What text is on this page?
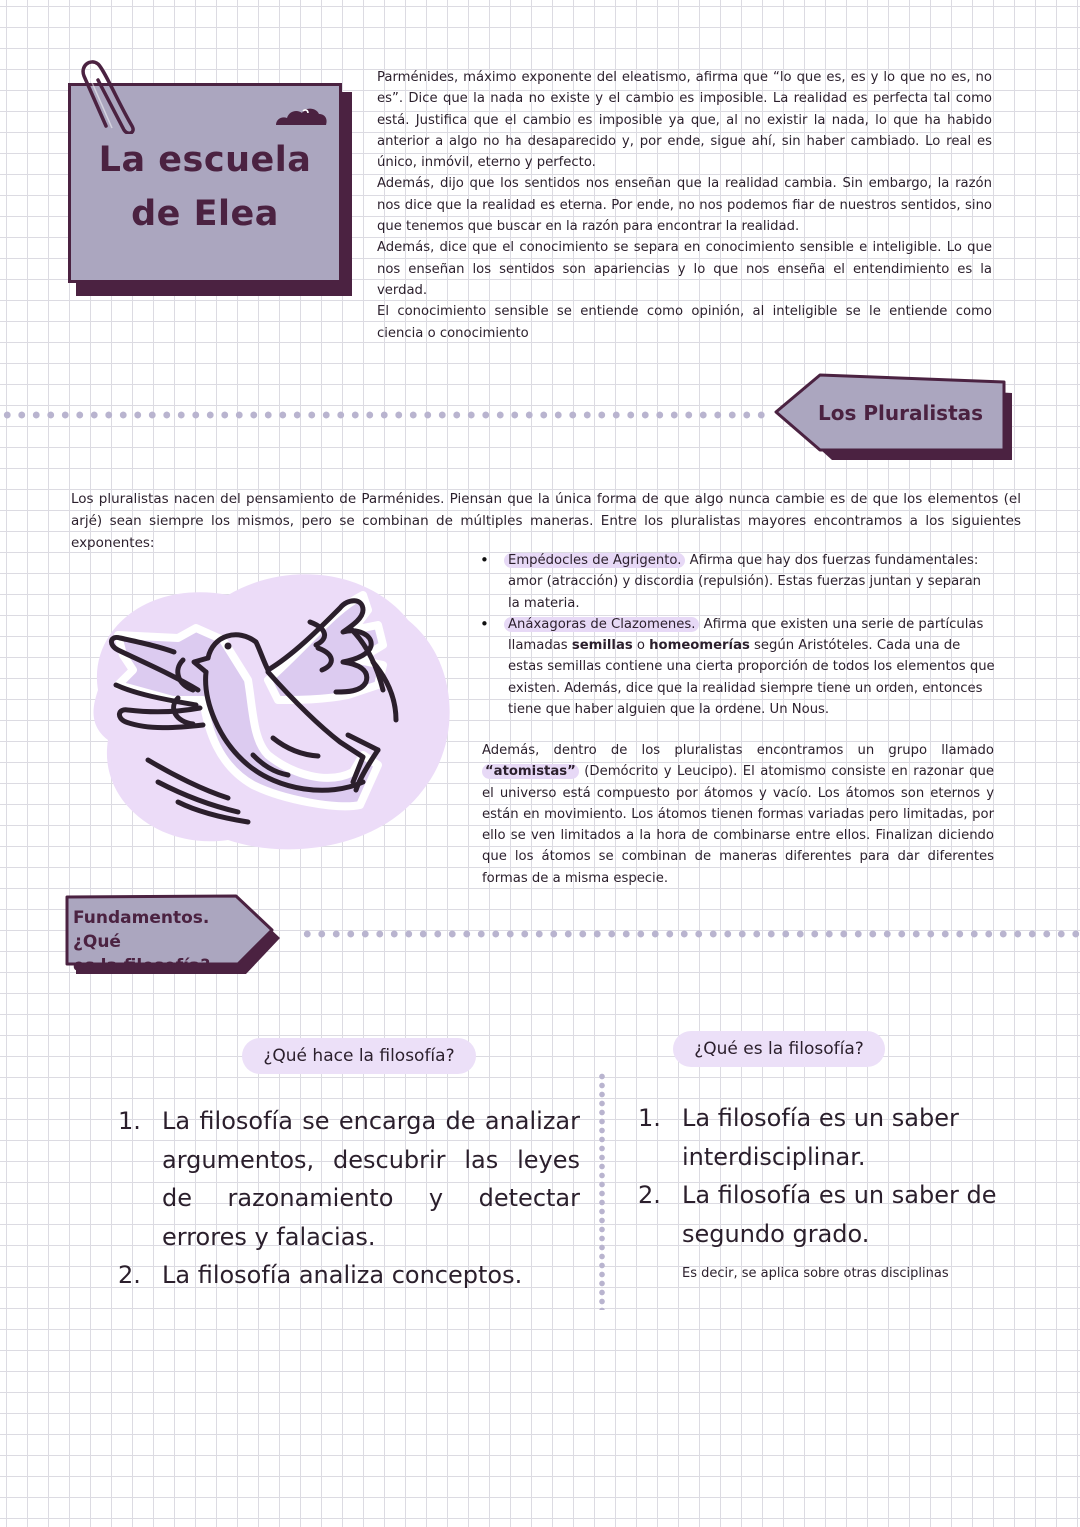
La escuela de Elea

Parménides, máximo exponente del eleatismo, afirma que “lo que es, es y lo que no es, no es”. Dice que la nada no existe y el cambio es imposible. La realidad es perfecta tal como está. Justifica que el cambio es imposible ya que, al no existir la nada, lo que ha habido anterior a algo no ha desaparecido y, por ende, sigue ahí, sin haber cambiado. Lo real es único, inmóvil, eterno y perfecto.

Además, dijo que los sentidos nos enseñan que la realidad cambia. Sin embargo, la razón nos dice que la realidad es eterna. Por ende, no nos podemos fiar de nuestros sentidos, sino que tenemos que buscar en la razón para encontrar la realidad.

Además, dice que el conocimiento se separa en conocimiento sensible e inteligible. Lo que nos enseñan los sentidos son apariencias y lo que nos enseña el entendimiento es la verdad.

El conocimiento sensible se entiende como opinión, al inteligible se le entiende como ciencia o conocimiento

Los Pluralistas
Los pluralistas nacen del pensamiento de Parménides. Piensan que la única forma de que algo nunca cambie es de que los elementos (el arjé) sean siempre los mismos, pero se combinan de múltiples maneras. Entre los pluralistas mayores encontramos a los siguientes exponentes:
• Empédocles de Agrigento. Afirma que hay dos fuerzas fundamentales: amor (atracción) y discordia (repulsión). Estas fuerzas juntan y separan la materia.
• Anáxagoras de Clazomenes. Afirma que existen una serie de partículas llamadas semillas o homeomerías según Aristóteles. Cada una de estas semillas contiene una cierta proporción de todos los elementos que existen. Además, dice que la realidad siempre tiene un orden, entonces tiene que haber alguien que la ordene. Un Nous.
Además, dentro de los pluralistas encontramos un grupo llamado “atomistas” (Demócrito y Leucipo). El atomismo consiste en razonar que el universo está compuesto por átomos y vacío. Los átomos son eternos y están en movimiento. Los átomos tienen formas variadas pero limitadas, por ello se ven limitados a la hora de combinarse entre ellos. Finalizan diciendo que los átomos se combinan de maneras diferentes para dar diferentes formas de a misma especie.
Fundamentos. ¿Qué
es la filosofía?
¿Qué hace la filosofía?	¿Qué es la filosofía?
1. La filosofía se encarga de analizar argumentos, descubrir las leyes de razonamiento y detectar errores y falacias.
2. La filosofía analiza conceptos.
1. La filosofía es un saber interdisciplinar.
2. La filosofía es un saber de segundo grado.
Es decir, se aplica sobre otras disciplinas
